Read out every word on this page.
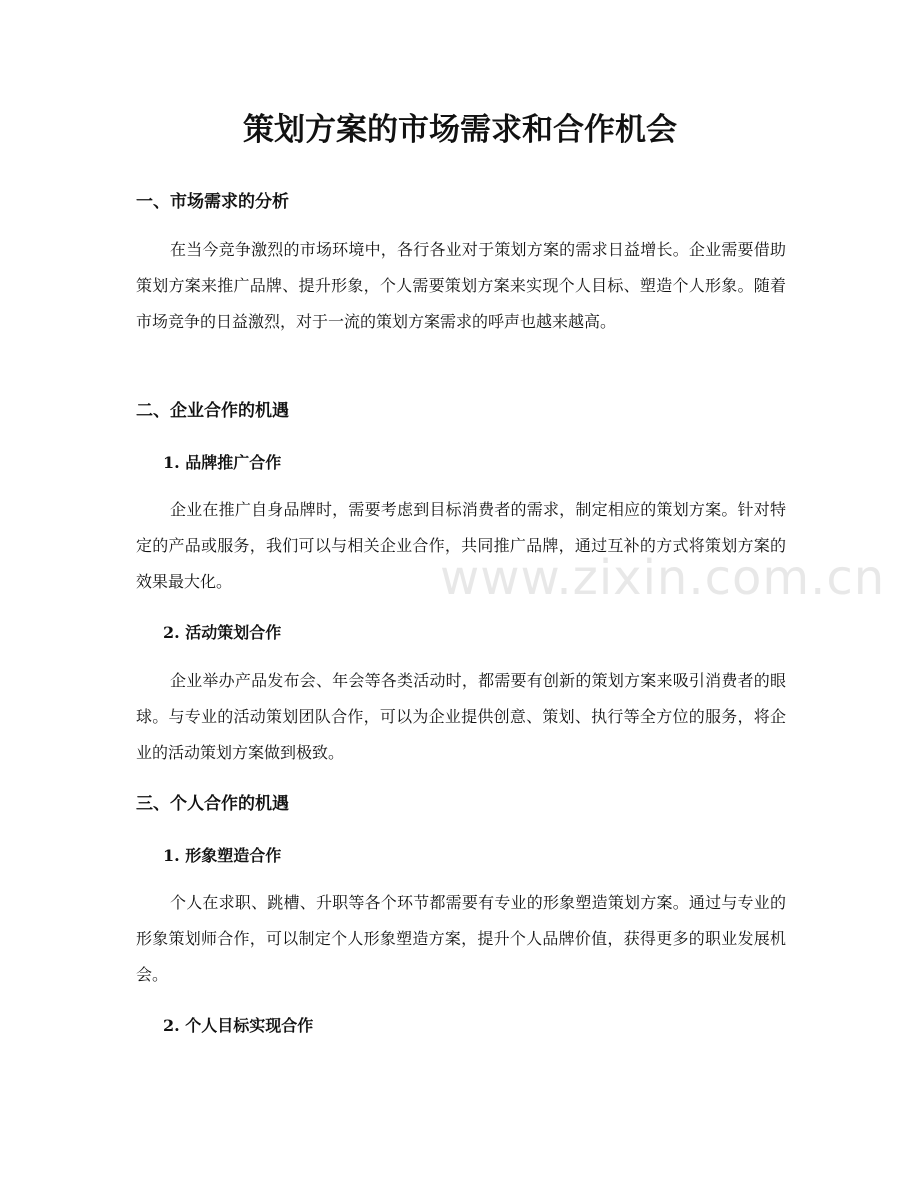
策划方案的市场需求和合作机会
一、市场需求的分析

在当今竞争激烈的市场环境中，各行各业对于策划方案的需求日益增长。企业需要借助策划方案来推广品牌、提升形象，个人需要策划方案来实现个人目标、塑造个人形象。随着市场竞争的日益激烈，对于一流的策划方案需求的呼声也越来越高。

二、企业合作的机遇
1. 品牌推广合作

企业在推广自身品牌时，需要考虑到目标消费者的需求，制定相应的策划方案。针对特定的产品或服务，我们可以与相关企业合作，共同推广品牌，通过互补的方式将策划方案的效果最大化。

2. 活动策划合作

企业举办产品发布会、年会等各类活动时，都需要有创新的策划方案来吸引消费者的眼球。与专业的活动策划团队合作，可以为企业提供创意、策划、执行等全方位的服务，将企业的活动策划方案做到极致。

三、个人合作的机遇
1. 形象塑造合作

个人在求职、跳槽、升职等各个环节都需要有专业的形象塑造策划方案。通过与专业的形象策划师合作，可以制定个人形象塑造方案，提升个人品牌价值，获得更多的职业发展机会。

2. 个人目标实现合作
www.zixin.com.cn
